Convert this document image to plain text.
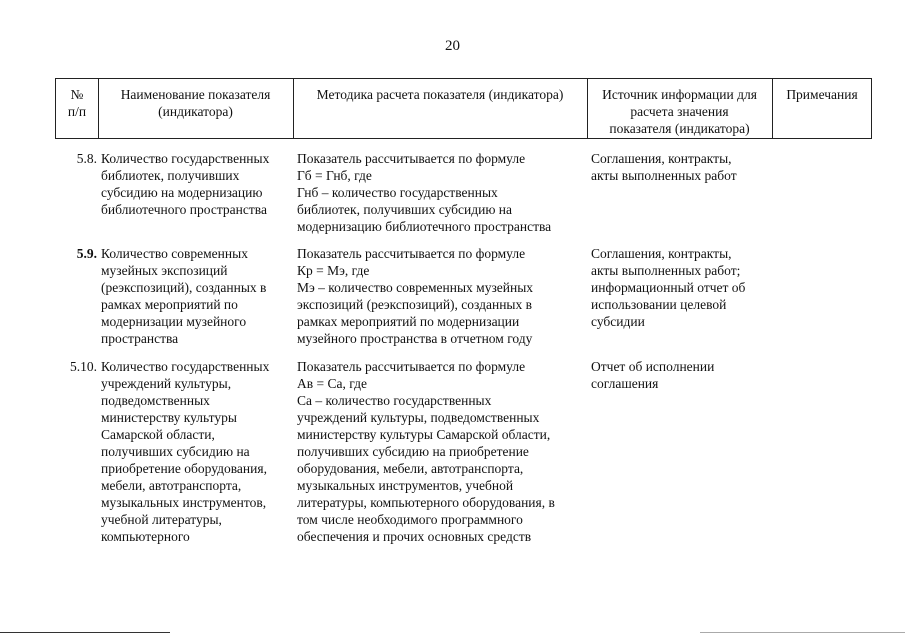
20
№
п/п
Наименование показателя
(индикатора)
Методика расчета показателя (индикатора)	Источник информации для
расчета значения
показателя (индикатора)
Примечания
5.8. Количество государственных
библиотек, получивших
субсидию на модернизацию
библиотечного пространства
Показатель рассчитывается по формуле
Гб = Гнб, где
Гнб – количество государственных
библиотек, получивших субсидию на
модернизацию библиотечного пространства
Соглашения, контракты,
акты выполненных работ
5.9. Количество современных
музейных экспозиций
(реэкспозиций), созданных в
рамках мероприятий по
модернизации музейного
пространства
Показатель рассчитывается по формуле
Кр = Мэ, где
Мэ – количество современных музейных
экспозиций (реэкспозиций), созданных в
рамках мероприятий по модернизации
музейного пространства в отчетном году
Соглашения, контракты,
акты выполненных работ;
информационный отчет об
использовании целевой
субсидии
5.10. Количество государственных
учреждений культуры,
подведомственных
министерству культуры
Самарской области,
получивших субсидию на
приобретение оборудования,
мебели, автотранспорта,
музыкальных инструментов,
учебной литературы,
компьютерного
Показатель рассчитывается по формуле
Ав = Са, где
Са – количество государственных
учреждений культуры, подведомственных
министерству культуры Самарской области,
получивших субсидию на приобретение
оборудования, мебели, автотранспорта,
музыкальных инструментов, учебной
литературы, компьютерного оборудования, в
том числе необходимого программного
обеспечения и прочих основных средств
Отчет об исполнении
соглашения
